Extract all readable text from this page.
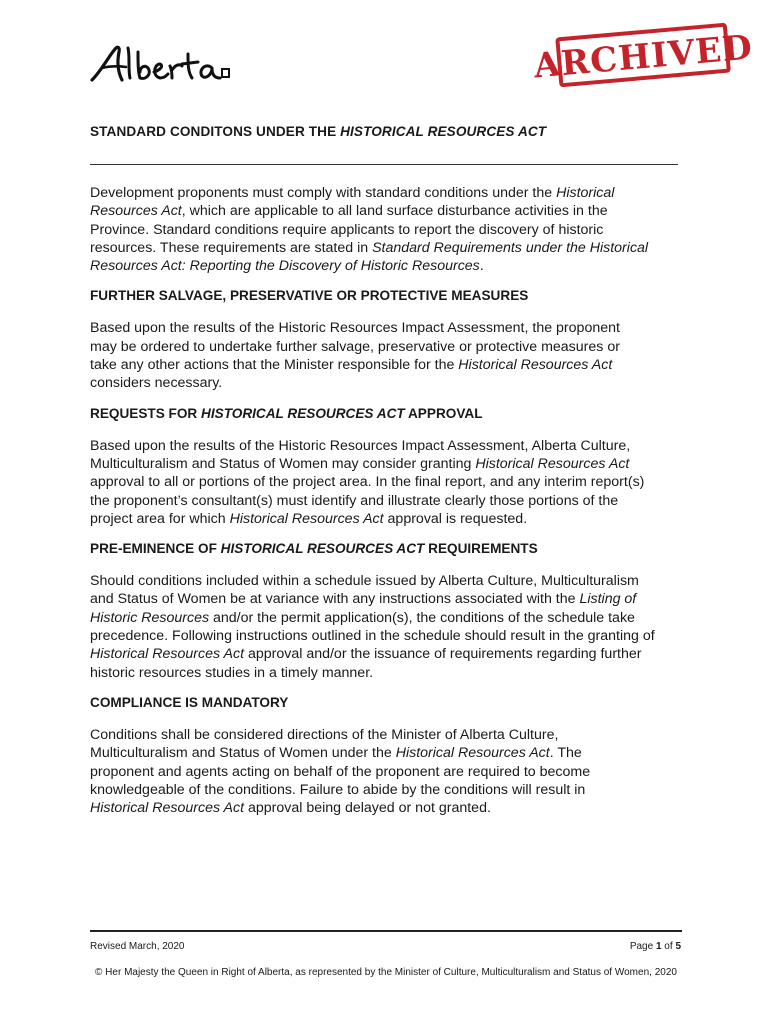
ARCHIVED
STANDARD CONDITONS UNDER THE HISTORICAL RESOURCES ACT
Development proponents must comply with standard conditions under the Historical
Resources Act, which are applicable to all land surface disturbance activities in the
Province. Standard conditions require applicants to report the discovery of historic
resources. These requirements are stated in Standard Requirements under the Historical
Resources Act: Reporting the Discovery of Historic Resources.
FURTHER SALVAGE, PRESERVATIVE OR PROTECTIVE MEASURES
Based upon the results of the Historic Resources Impact Assessment, the proponent
may be ordered to undertake further salvage, preservative or protective measures or
take any other actions that the Minister responsible for the Historical Resources Act
considers necessary.
REQUESTS FOR HISTORICAL RESOURCES ACT APPROVAL
Based upon the results of the Historic Resources Impact Assessment, Alberta Culture,
Multiculturalism and Status of Women may consider granting Historical Resources Act
approval to all or portions of the project area. In the final report, and any interim report(s)
the proponent’s consultant(s) must identify and illustrate clearly those portions of the
project area for which Historical Resources Act approval is requested.
PRE-EMINENCE OF HISTORICAL RESOURCES ACT REQUIREMENTS
Should conditions included within a schedule issued by Alberta Culture, Multiculturalism
and Status of Women be at variance with any instructions associated with the Listing of
Historic Resources and/or the permit application(s), the conditions of the schedule take
precedence. Following instructions outlined in the schedule should result in the granting of
Historical Resources Act approval and/or the issuance of requirements regarding further
historic resources studies in a timely manner.
COMPLIANCE IS MANDATORY
Conditions shall be considered directions of the Minister of Alberta Culture,
Multiculturalism and Status of Women under the Historical Resources Act. The
proponent and agents acting on behalf of the proponent are required to become
knowledgeable of the conditions. Failure to abide by the conditions will result in
Historical Resources Act approval being delayed or not granted.
Revised March, 2020	Page 1 of 5
© Her Majesty the Queen in Right of Alberta, as represented by the Minister of Culture, Multiculturalism and Status of Women, 2020
